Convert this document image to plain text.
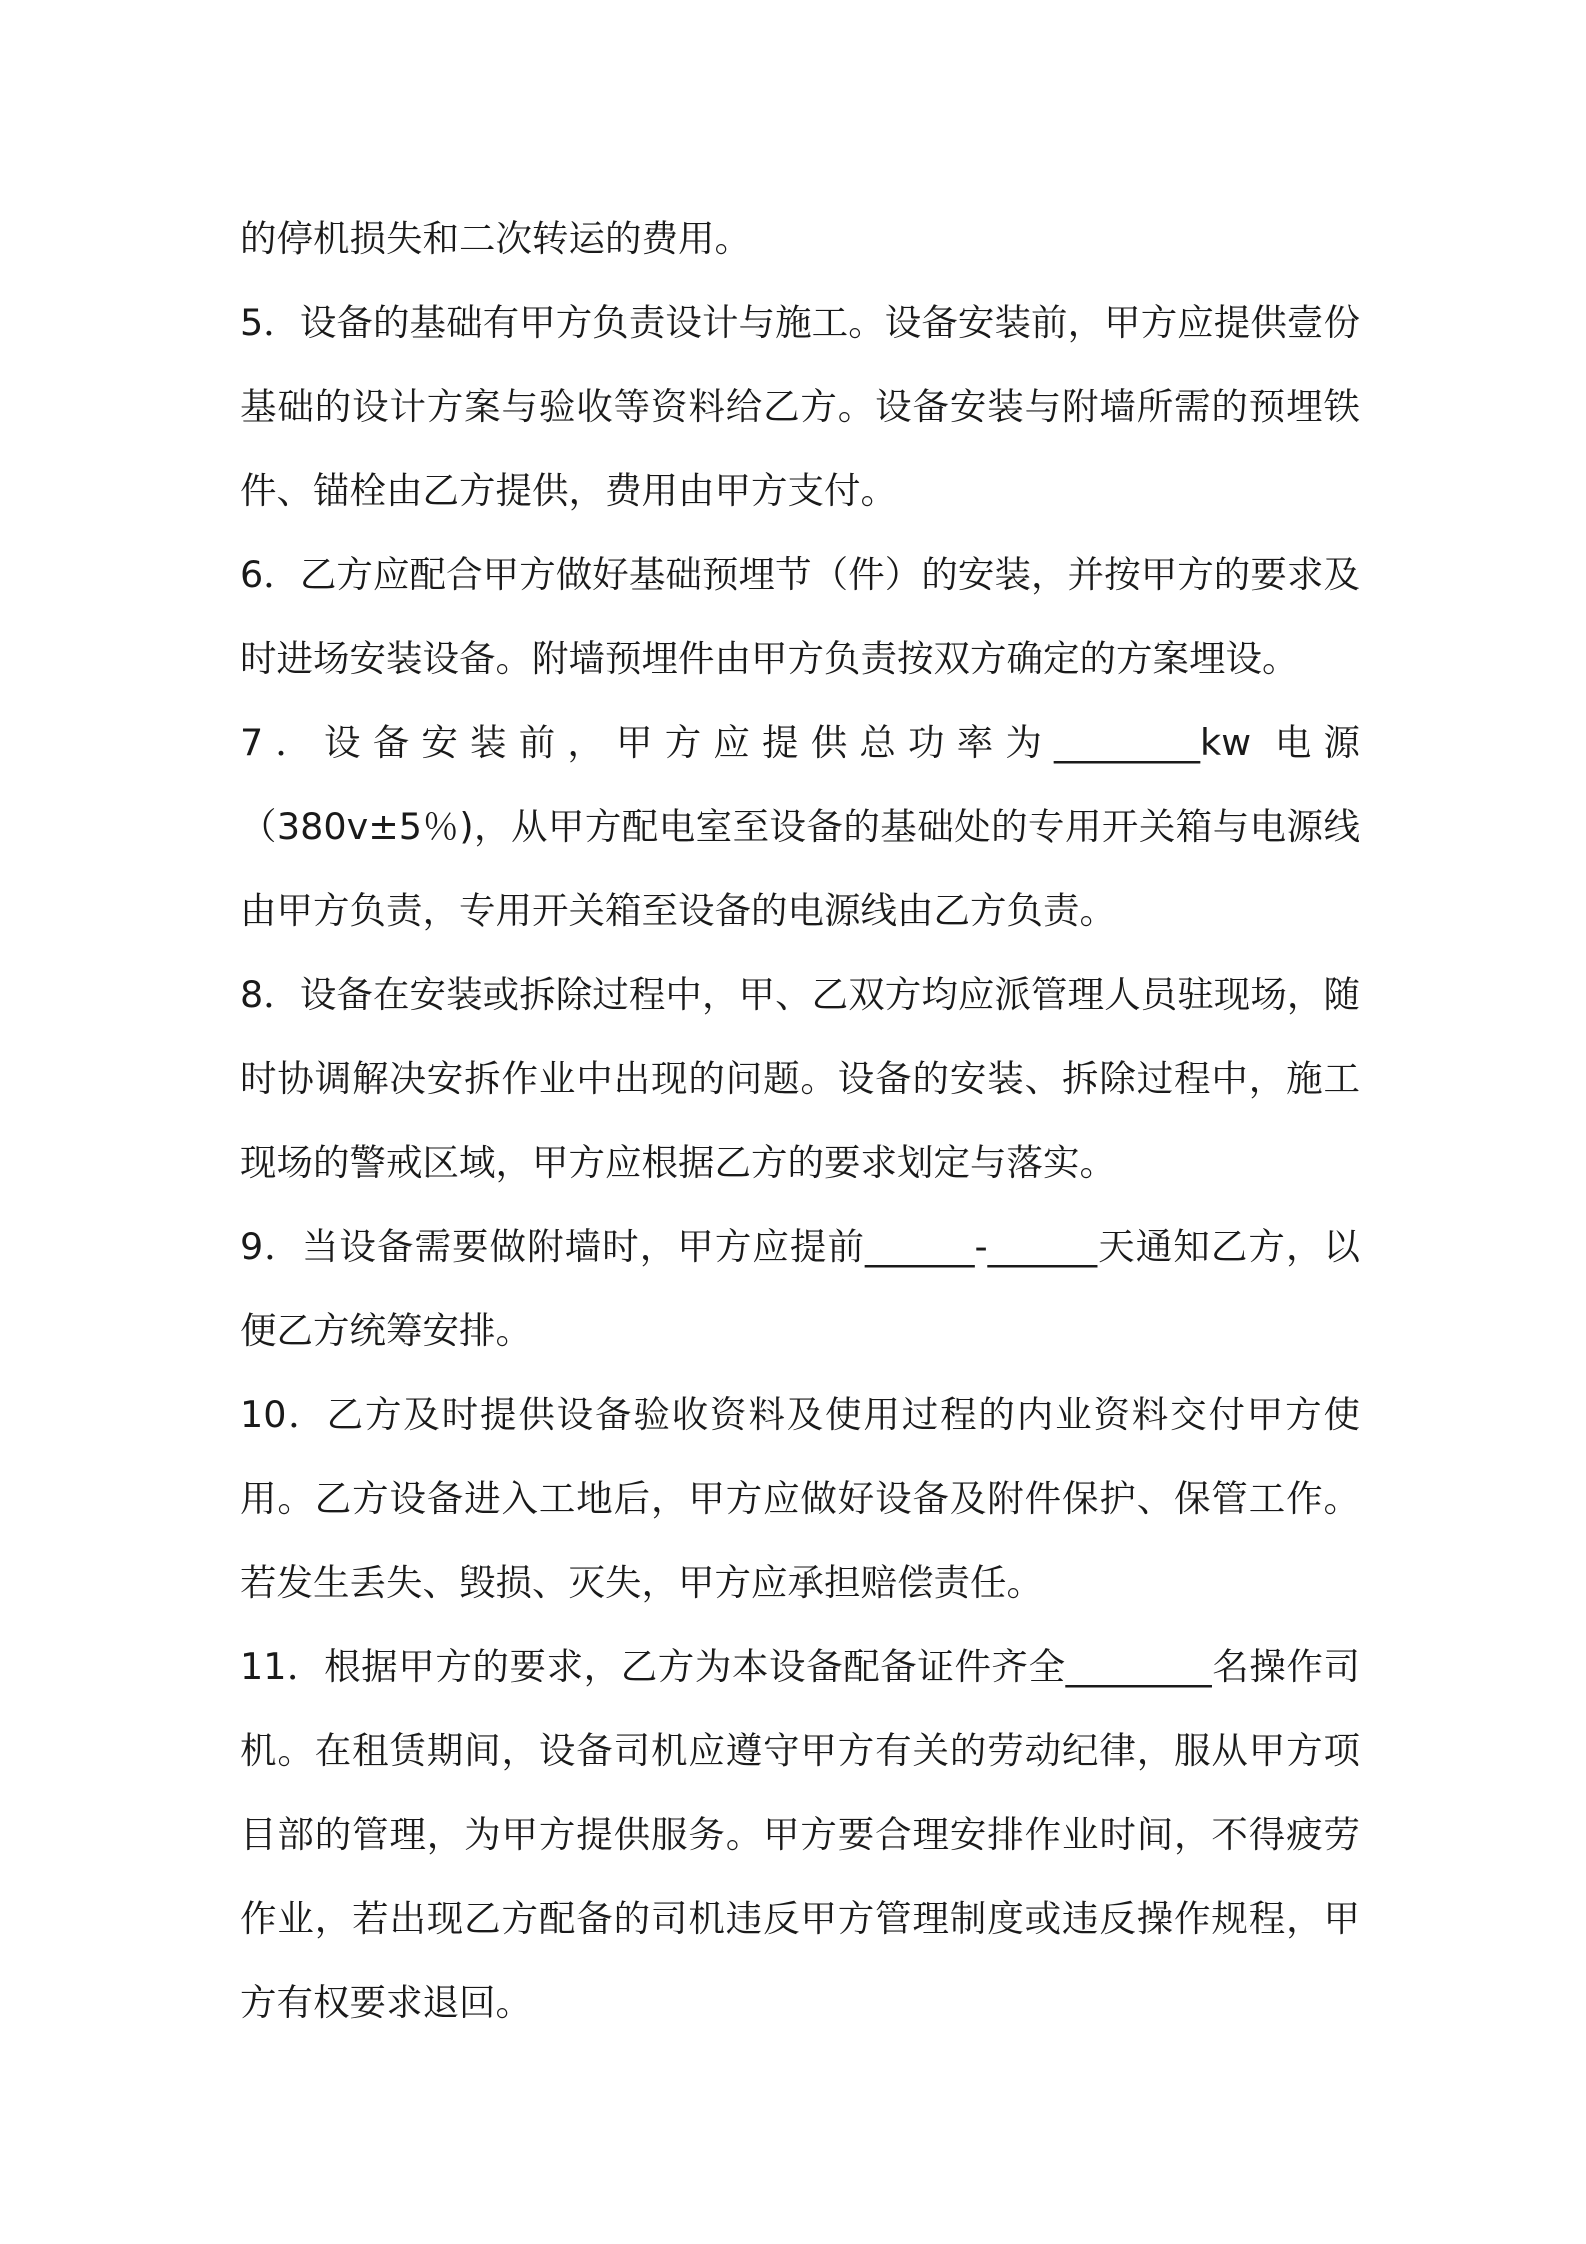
的停机损失和二次转运的费用。

5．设备的基础有甲方负责设计与施工。设备安装前，甲方应提供壹份基础的设计方案与验收等资料给乙方。设备安装与附墙所需的预埋铁件、锚栓由乙方提供，费用由甲方支付。

6．乙方应配合甲方做好基础预埋节（件）的安装，并按甲方的要求及时进场安装设备。附墙预埋件由甲方负责按双方确定的方案埋设。

7．设备安装前，甲方应提供总功率为________kw 电源（380v±5％)，从甲方配电室至设备的基础处的专用开关箱与电源线由甲方负责，专用开关箱至设备的电源线由乙方负责。

8．设备在安装或拆除过程中，甲、乙双方均应派管理人员驻现场，随时协调解决安拆作业中出现的问题。设备的安装、拆除过程中，施工现场的警戒区域，甲方应根据乙方的要求划定与落实。

9．当设备需要做附墙时，甲方应提前______-______天通知乙方，以便乙方统筹安排。

10．乙方及时提供设备验收资料及使用过程的内业资料交付甲方使用。乙方设备进入工地后，甲方应做好设备及附件保护、保管工作。若发生丢失、毁损、灭失，甲方应承担赔偿责任。

11．根据甲方的要求，乙方为本设备配备证件齐全________名操作司机。在租赁期间，设备司机应遵守甲方有关的劳动纪律，服从甲方项目部的管理，为甲方提供服务。甲方要合理安排作业时间，不得疲劳作业，若出现乙方配备的司机违反甲方管理制度或违反操作规程，甲方有权要求退回。
